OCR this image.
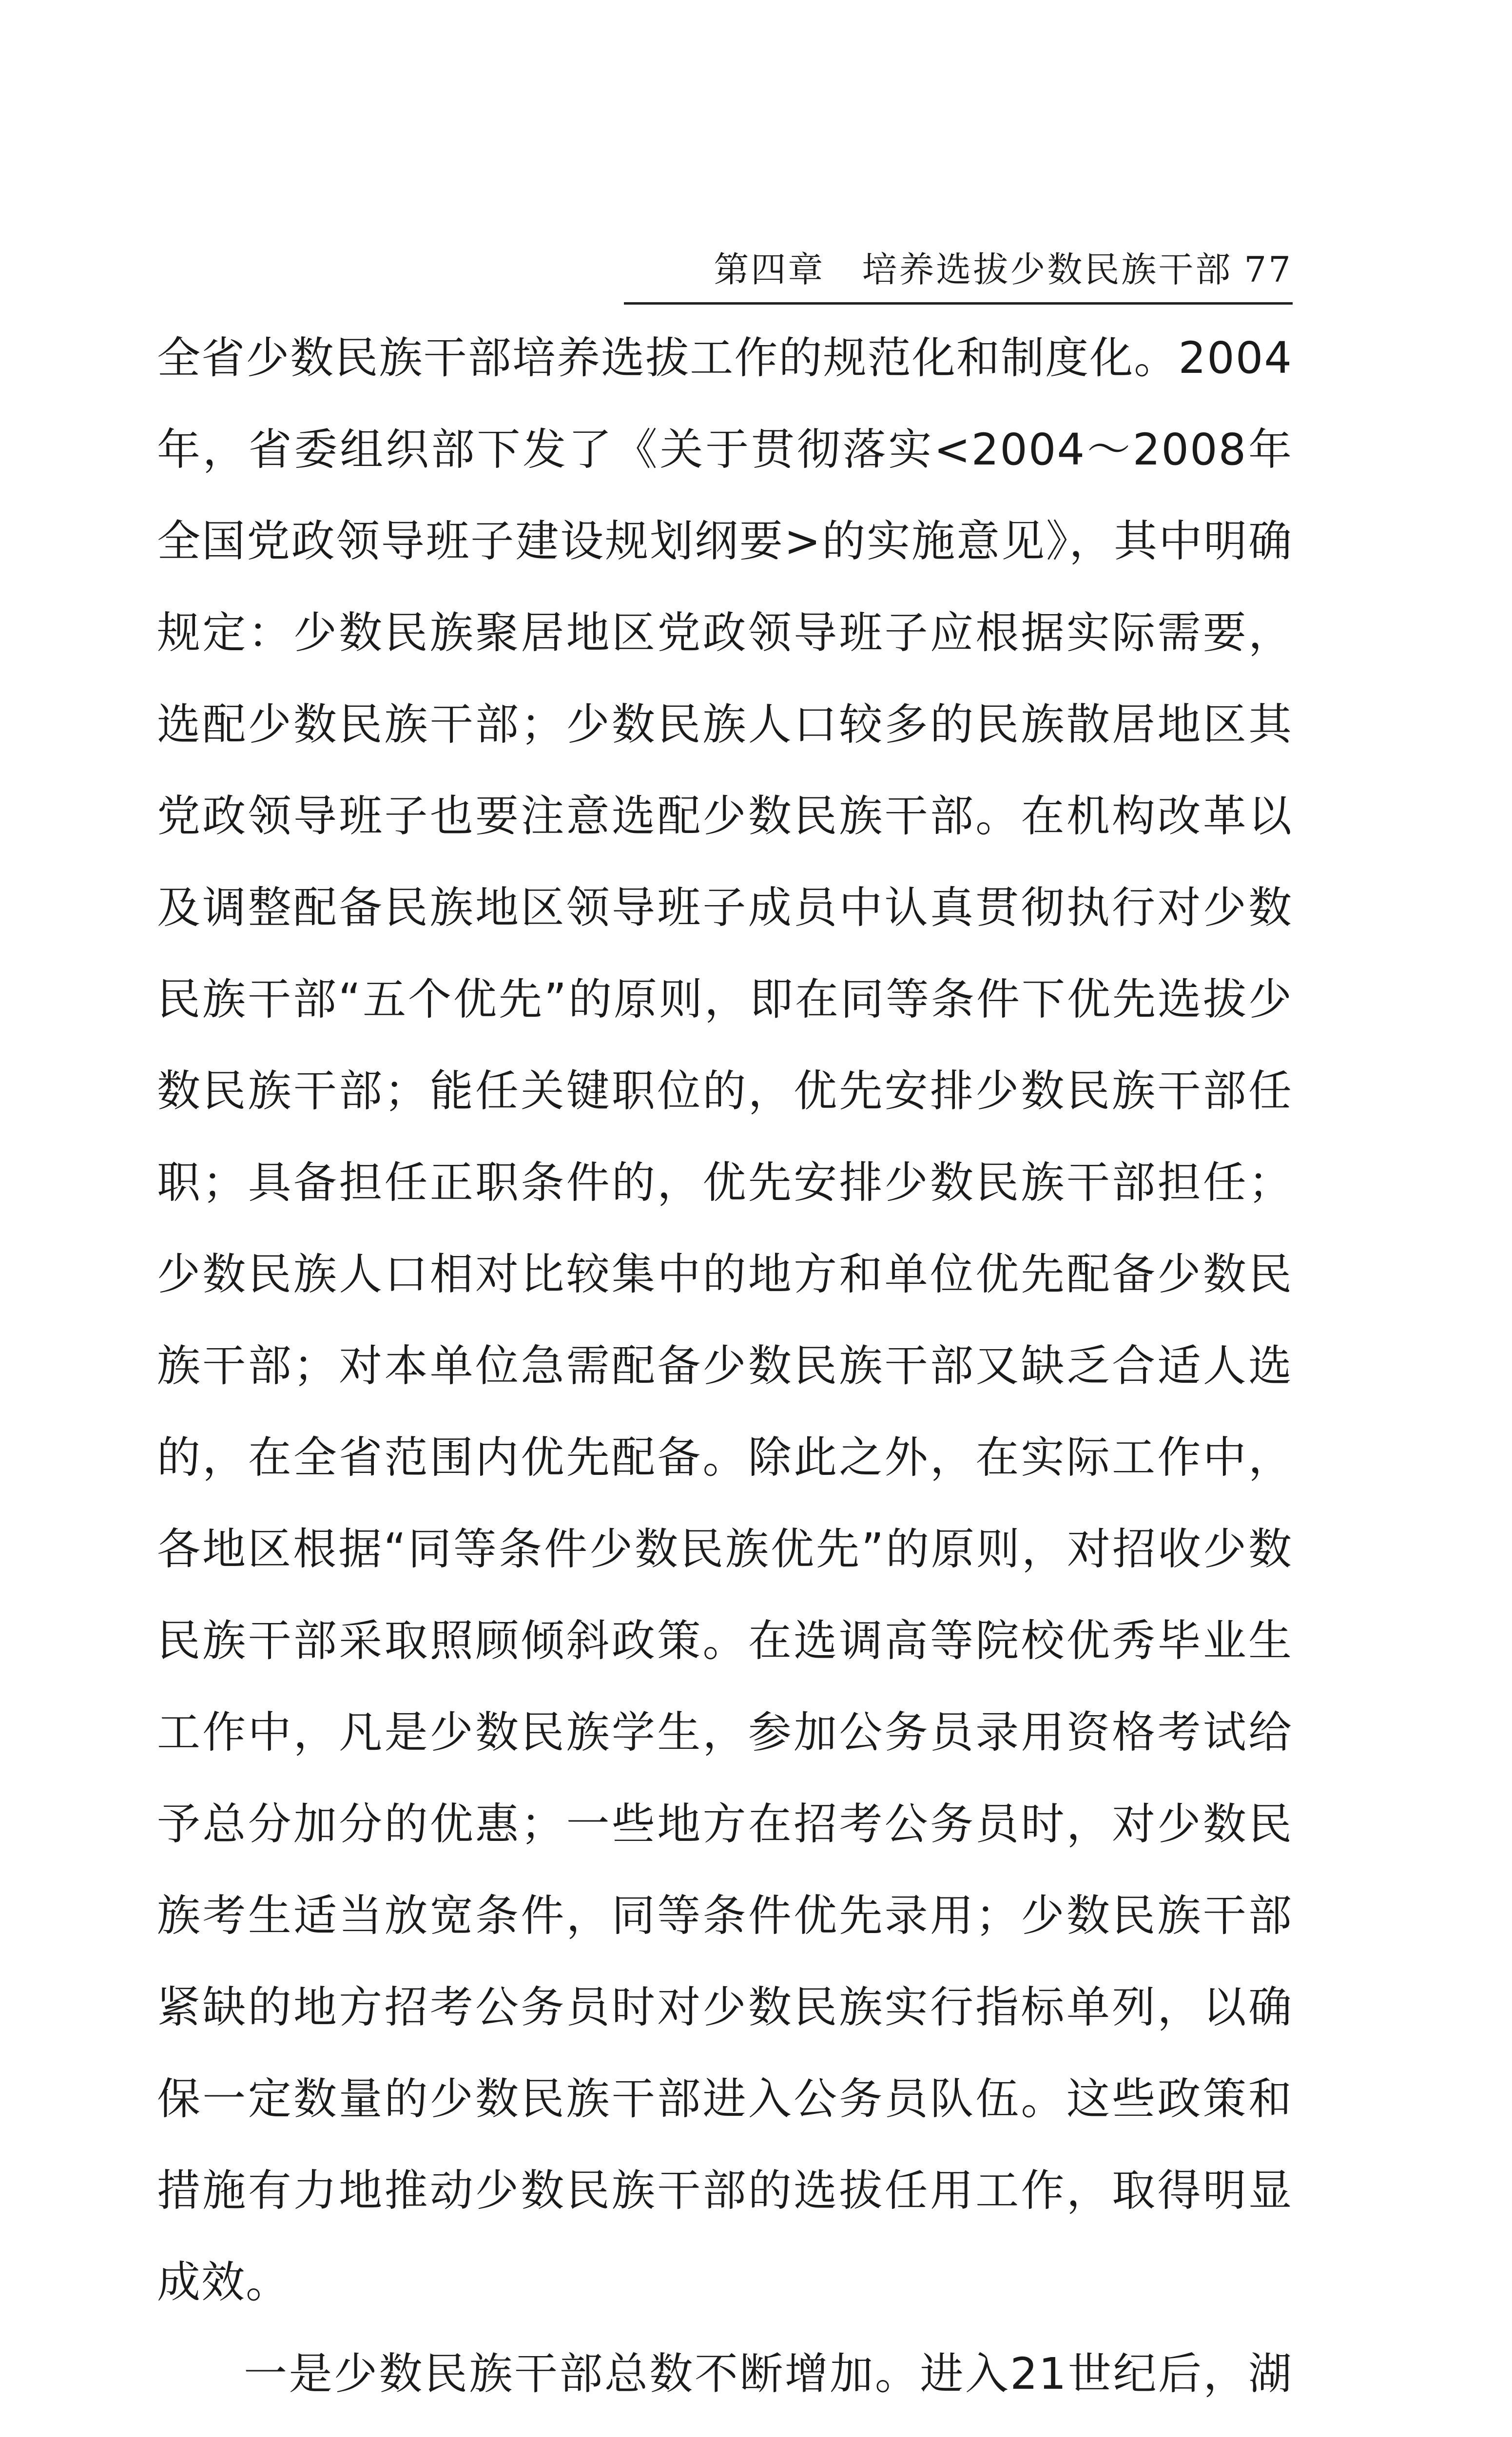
第四章　培养选拔少数民族干部 77

全省少数民族干部培养选拔工作的规范化和制度化。2004年，省委组织部下发了《关于贯彻落实<2004～2008年全国党政领导班子建设规划纲要>的实施意见》，其中明确规定：少数民族聚居地区党政领导班子应根据实际需要，选配少数民族干部；少数民族人口较多的民族散居地区其党政领导班子也要注意选配少数民族干部。在机构改革以及调整配备民族地区领导班子成员中认真贯彻执行对少数民族干部“五个优先”的原则，即在同等条件下优先选拔少数民族干部；能任关键职位的，优先安排少数民族干部任职；具备担任正职条件的，优先安排少数民族干部担任；少数民族人口相对比较集中的地方和单位优先配备少数民族干部；对本单位急需配备少数民族干部又缺乏合适人选的，在全省范围内优先配备。除此之外，在实际工作中，各地区根据“同等条件少数民族优先”的原则，对招收少数民族干部采取照顾倾斜政策。在选调高等院校优秀毕业生工作中，凡是少数民族学生，参加公务员录用资格考试给予总分加分的优惠；一些地方在招考公务员时，对少数民族考生适当放宽条件，同等条件优先录用；少数民族干部紧缺的地方招考公务员时对少数民族实行指标单列，以确保一定数量的少数民族干部进入公务员队伍。这些政策和措施有力地推动少数民族干部的选拔任用工作，取得明显成效。

一是少数民族干部总数不断增加。进入21世纪后，湖
